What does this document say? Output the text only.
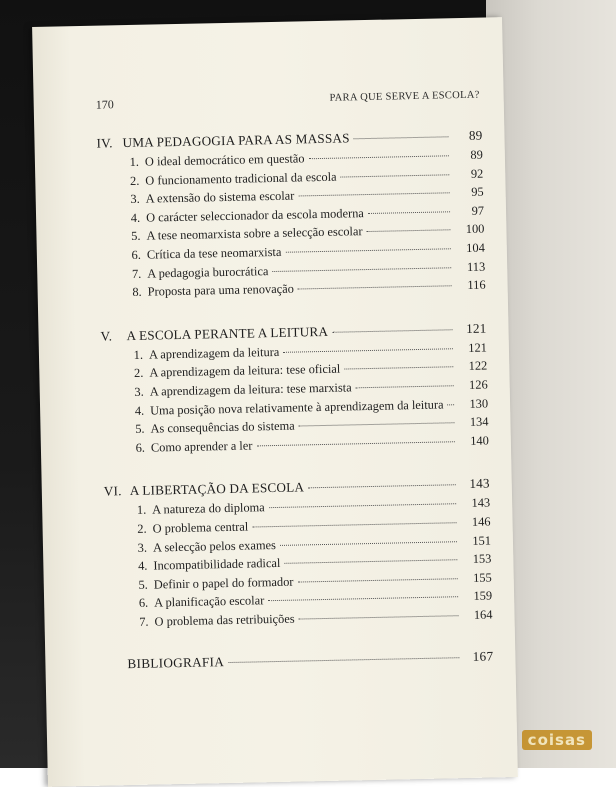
170
PARA QUE SERVE A ESCOLA?
IV. UMA PEDAGOGIA PARA AS MASSAS	89
1. O ideal democrático em questão	89
2. O funcionamento tradicional da escola	92
3. A extensão do sistema escolar	95
4. O carácter seleccionador da escola moderna	97
5. A tese neomarxista sobre a selecção escolar	100
6. Crítica da tese neomarxista	104
7. A pedagogia burocrática	113
8. Proposta para uma renovação	116
V.	A ESCOLA PERANTE A LEITURA	121
1. A aprendizagem da leitura	121
2. A aprendizagem da leitura: tese oficial	122
3. A aprendizagem da leitura: tese marxista	126
4. Uma posição nova relativamente à aprendizagem da leitura	130
5. As consequências do sistema	134
6. Como aprender a ler	140
VI. A LIBERTAÇÃO DA ESCOLA	143
1. A natureza do diploma	143
2. O problema central	146
3. A selecção pelos exames	151
4. Incompatibilidade radical	153
5. Definir o papel do formador	155
6. A planificação escolar	159
7. O problema das retribuições	164
BIBLIOGRAFIA	167
coisas
